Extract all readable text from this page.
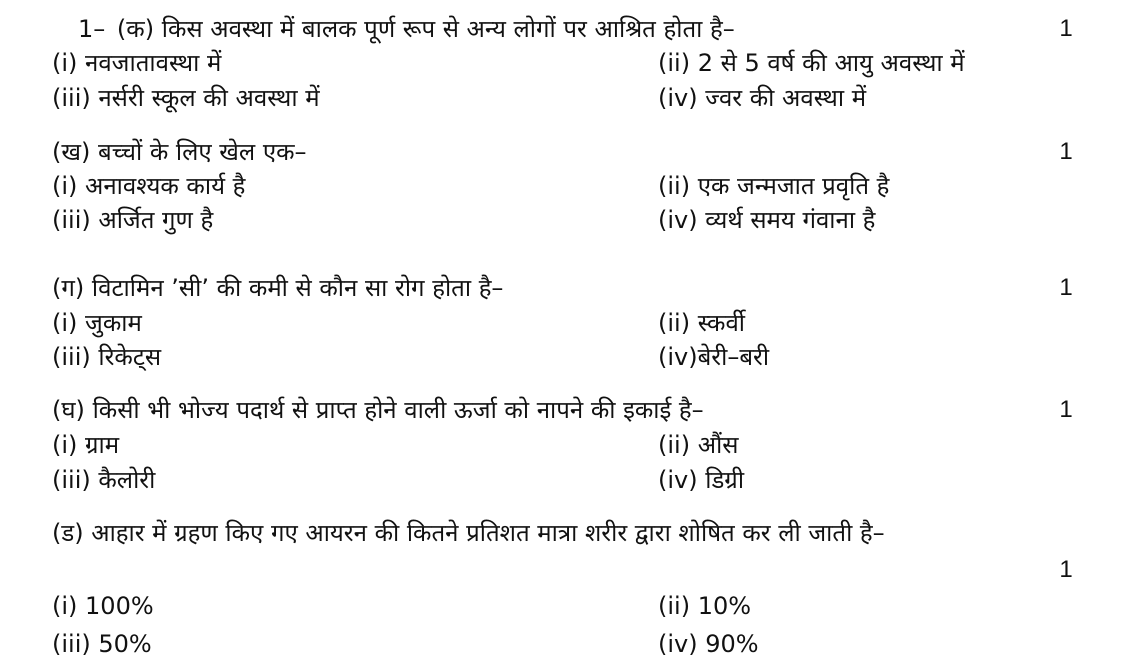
1– (क) किस अवस्था में बालक पूर्ण रूप से अन्य लोगों पर आश्रित होता है–	1
(i) नवजातावस्था में	(ii) 2 से 5 वर्ष की आयु अवस्था में
(iii) नर्सरी स्कूल की अवस्था में	(iv) ज्वर की अवस्था में
(ख) बच्चों के लिए खेल एक–	1
(i) अनावश्यक कार्य है	(ii) एक जन्मजात प्रवृति है
(iii) अर्जित गुण है	(iv) व्यर्थ समय गंवाना है
(ग) विटामिन ’सी’ की कमी से कौन सा रोग होता है–	1
(i) जुकाम	(ii) स्कर्वी
(iii) रिकेट्स	(iv)बेरी–बरी
(घ) किसी भी भोज्य पदार्थ से प्राप्त होने वाली ऊर्जा को नापने की इकाई है–	1
(i) ग्राम	(ii) औंस
(iii) कैलोरी	(iv) डिग्री
(ड) आहार में ग्रहण किए गए आयरन की कितने प्रतिशत मात्रा शरीर द्वारा शोषित कर ली जाती है–
1
(i) 100%	(ii) 10%
(iii) 50%	(iv) 90%
